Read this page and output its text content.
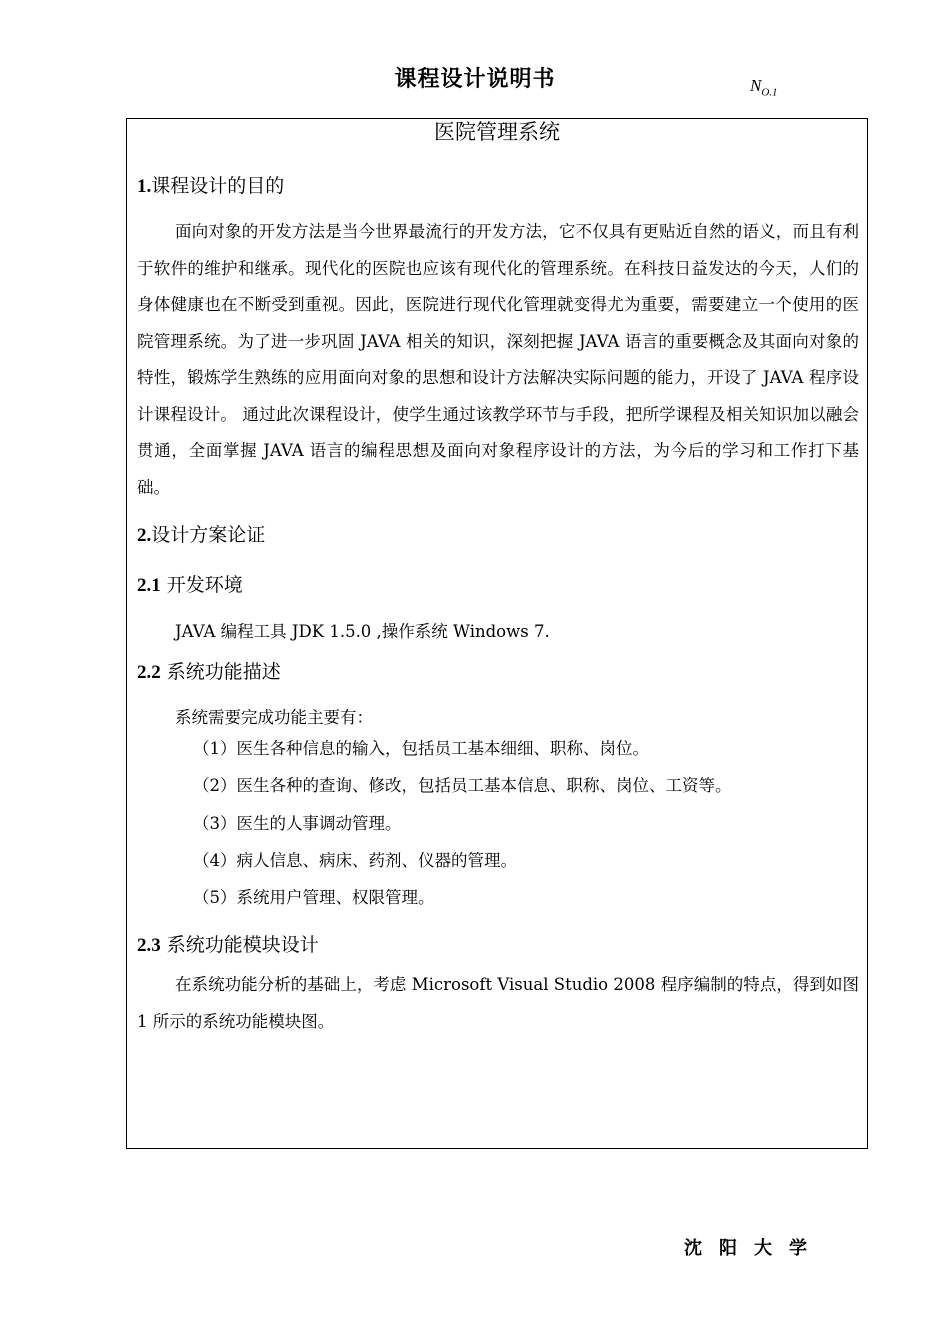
课程设计说明书	$N_{O.1}$
医院管理系统
1.课程设计的目的

面向对象的开发方法是当今世界最流行的开发方法，它不仅具有更贴近自然的语义，而且有利于软件的维护和继承。现代化的医院也应该有现代化的管理系统。在科技日益发达的今天，人们的身体健康也在不断受到重视。因此，医院进行现代化管理就变得尤为重要，需要建立一个使用的医院管理系统。为了进一步巩固 JAVA 相关的知识，深刻把握 JAVA 语言的重要概念及其面向对象的特性，锻炼学生熟练的应用面向对象的思想和设计方法解决实际问题的能力，开设了 JAVA 程序设计课程设计。 通过此次课程设计，使学生通过该教学环节与手段，把所学课程及相关知识加以融会贯通，全面掌握 JAVA 语言的编程思想及面向对象程序设计的方法，为今后的学习和工作打下基础。

2.设计方案论证
2.1 开发环境
JAVA 编程工具 JDK 1.5.0 ,操作系统 Windows 7.
2.2 系统功能描述
系统需要完成功能主要有：
（1）医生各种信息的输入，包括员工基本细细、职称、岗位。
（2）医生各种的查询、修改，包括员工基本信息、职称、岗位、工资等。
（3）医生的人事调动管理。
（4）病人信息、病床、药剂、仪器的管理。
（5）系统用户管理、权限管理。
2.3 系统功能模块设计

在系统功能分析的基础上，考虑 Microsoft Visual Studio 2008 程序编制的特点，得到如图 1 所示的系统功能模块图。

沈阳大学
